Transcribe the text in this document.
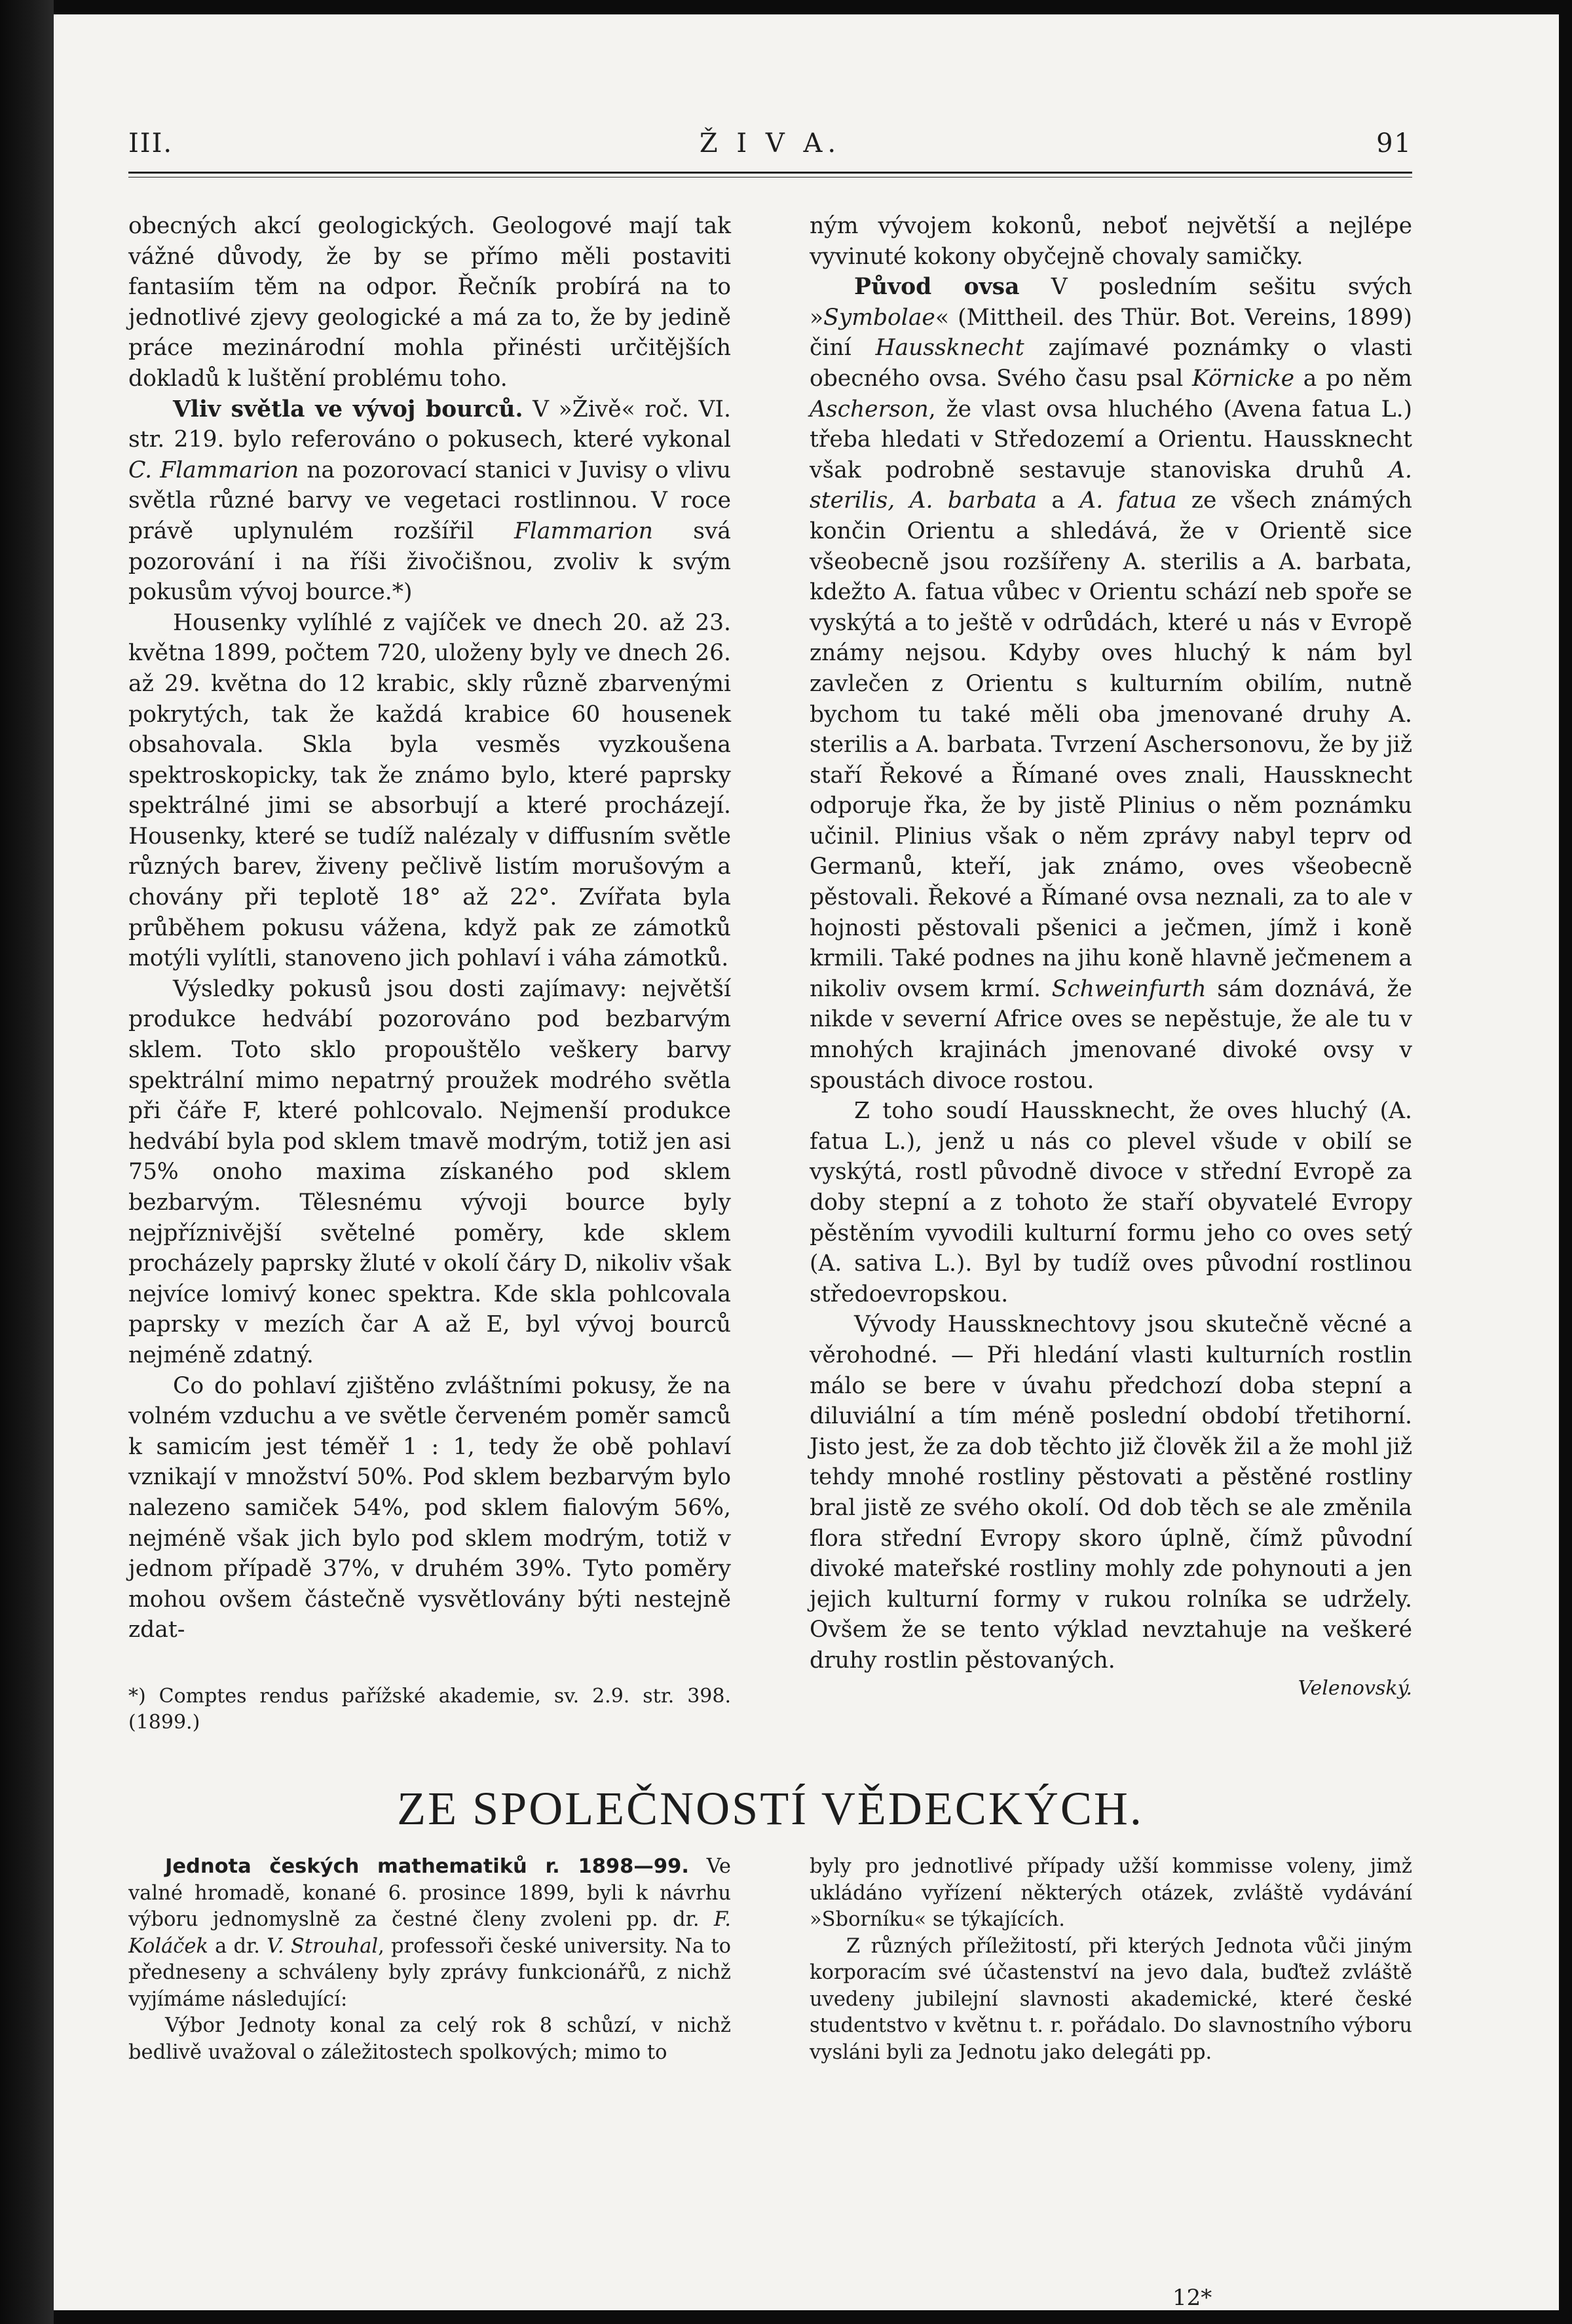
III.	Ž I V A.	91

obecných akcí geologických. Geologové mají tak vážné důvody, že by se přímo měli postaviti fantasiím těm na odpor. Řečník probírá na to jednotlivé zjevy geologické a má za to, že by jedině práce mezinárodní mohla přinésti určitějších dokladů k luštění problému toho.

Vliv světla ve vývoj bourců. V »Živě« roč. VI. str. 219. bylo referováno o pokusech, které vykonal C. Flammarion na pozorovací stanici v Juvisy o vlivu světla různé barvy ve vegetaci rostlinnou. V roce právě uplynulém rozšířil Flammarion svá pozorování i na říši živočišnou, zvoliv k svým pokusům vývoj bource.*)

Housenky vylíhlé z vajíček ve dnech 20. až 23. května 1899, počtem 720, uloženy byly ve dnech 26. až 29. května do 12 krabic, skly různě zbarvenými pokrytých, tak že každá krabice 60 housenek obsahovala. Skla byla vesměs vyzkoušena spektroskopicky, tak že známo bylo, které paprsky spektrálné jimi se absorbují a které procházejí. Housenky, které se tudíž nalézaly v diffusním světle různých barev, živeny pečlivě listím morušovým a chovány při teplotě 18° až 22°. Zvířata byla průběhem pokusu vážena, když pak ze zámotků motýli vylítli, stanoveno jich pohlaví i váha zámotků.

Výsledky pokusů jsou dosti zajímavy: největší produkce hedvábí pozorováno pod bezbarvým sklem. Toto sklo propouštělo veškery barvy spektrální mimo nepatrný proužek modrého světla při čáře F, které pohlcovalo. Nejmenší produkce hedvábí byla pod sklem tmavě modrým, totiž jen asi 75% onoho maxima získaného pod sklem bezbarvým. Tělesnému vývoji bource byly nejpříznivější světelné poměry, kde sklem procházely paprsky žluté v okolí čáry D, nikoliv však nejvíce lomivý konec spektra. Kde skla pohlcovala paprsky v mezích čar A až E, byl vývoj bourců nejméně zdatný.

Co do pohlaví zjištěno zvláštními pokusy, že na volném vzduchu a ve světle červeném poměr samců k samicím jest téměř 1 : 1, tedy že obě pohlaví vznikají v množství 50%. Pod sklem bezbarvým bylo nalezeno samiček 54%, pod sklem fialovým 56%, nejméně však jich bylo pod sklem modrým, totiž v jednom případě 37%, v druhém 39%. Tyto poměry mohou ovšem částečně vysvětlovány býti nestejně zdat-

*) Comptes rendus pařížské akademie, sv. 2.9. str. 398. (1899.)

ným vývojem kokonů, neboť největší a nejlépe vyvinuté kokony obyčejně chovaly samičky.

Původ ovsa V posledním sešitu svých »Symbolae« (Mittheil. des Thür. Bot. Vereins, 1899) činí Haussknecht zajímavé poznámky o vlasti obecného ovsa. Svého času psal Körnicke a po něm Ascherson, že vlast ovsa hluchého (Avena fatua L.) třeba hledati v Středozemí a Orientu. Haussknecht však podrobně sestavuje stanoviska druhů A. sterilis, A. barbata a A. fatua ze všech známých končin Orientu a shledává, že v Orientě sice všeobecně jsou rozšířeny A. sterilis a A. barbata, kdežto A. fatua vůbec v Orientu schází neb spoře se vyskýtá a to ještě v odrůdách, které u nás v Evropě známy nejsou. Kdyby oves hluchý k nám byl zavlečen z Orientu s kulturním obilím, nutně bychom tu také měli oba jmenované druhy A. sterilis a A. barbata. Tvrzení Aschersonovu, že by již staří Řekové a Římané oves znali, Haussknecht odporuje řka, že by jistě Plinius o něm poznámku učinil. Plinius však o něm zprávy nabyl teprv od Germanů, kteří, jak známo, oves všeobecně pěstovali. Řekové a Římané ovsa neznali, za to ale v hojnosti pěstovali pšenici a ječmen, jímž i koně krmili. Také podnes na jihu koně hlavně ječmenem a nikoliv ovsem krmí. Schweinfurth sám doznává, že nikde v severní Africe oves se nepěstuje, že ale tu v mnohých krajinách jmenované divoké ovsy v spoustách divoce rostou.

Z toho soudí Haussknecht, že oves hluchý (A. fatua L.), jenž u nás co plevel všude v obilí se vyskýtá, rostl původně divoce v střední Evropě za doby stepní a z tohoto že staří obyvatelé Evropy pěstěním vyvodili kulturní formu jeho co oves setý (A. sativa L.). Byl by tudíž oves původní rostlinou středoevropskou.

Vývody Haussknechtovy jsou skutečně věcné a věrohodné. — Při hledání vlasti kulturních rostlin málo se bere v úvahu předchozí doba stepní a diluviální a tím méně poslední období třetihorní. Jisto jest, že za dob těchto již člověk žil a že mohl již tehdy mnohé rostliny pěstovati a pěstěné rostliny bral jistě ze svého okolí. Od dob těch se ale změnila flora střední Evropy skoro úplně, čímž původní divoké mateřské rostliny mohly zde pohynouti a jen jejich kulturní formy v rukou rolníka se udržely. Ovšem že se tento výklad nevztahuje na veškeré druhy rostlin pěstovaných.

Velenovský.
ZE SPOLEČNOSTÍ VĚDECKÝCH.

Jednota českých mathematiků r. 1898—99. Ve valné hromadě, konané 6. prosince 1899, byli k návrhu výboru jednomyslně za čestné členy zvoleni pp. dr. F. Koláček a dr. V. Strouhal, professoři české university. Na to předneseny a schváleny byly zprávy funkcionářů, z nichž vyjímáme následující:

Výbor Jednoty konal za celý rok 8 schůzí, v nichž bedlivě uvažoval o záležitostech spolkových; mimo to

byly pro jednotlivé případy užší kommisse voleny, jimž ukládáno vyřízení některých otázek, zvláště vydávání »Sborníku« se týkajících.

Z různých příležitostí, při kterých Jednota vůči jiným korporacím své účastenství na jevo dala, buďtež zvláště uvedeny jubilejní slavnosti akademické, které české studentstvo v květnu t. r. pořádalo. Do slavnostního výboru vysláni byli za Jednotu jako delegáti pp.

12*
